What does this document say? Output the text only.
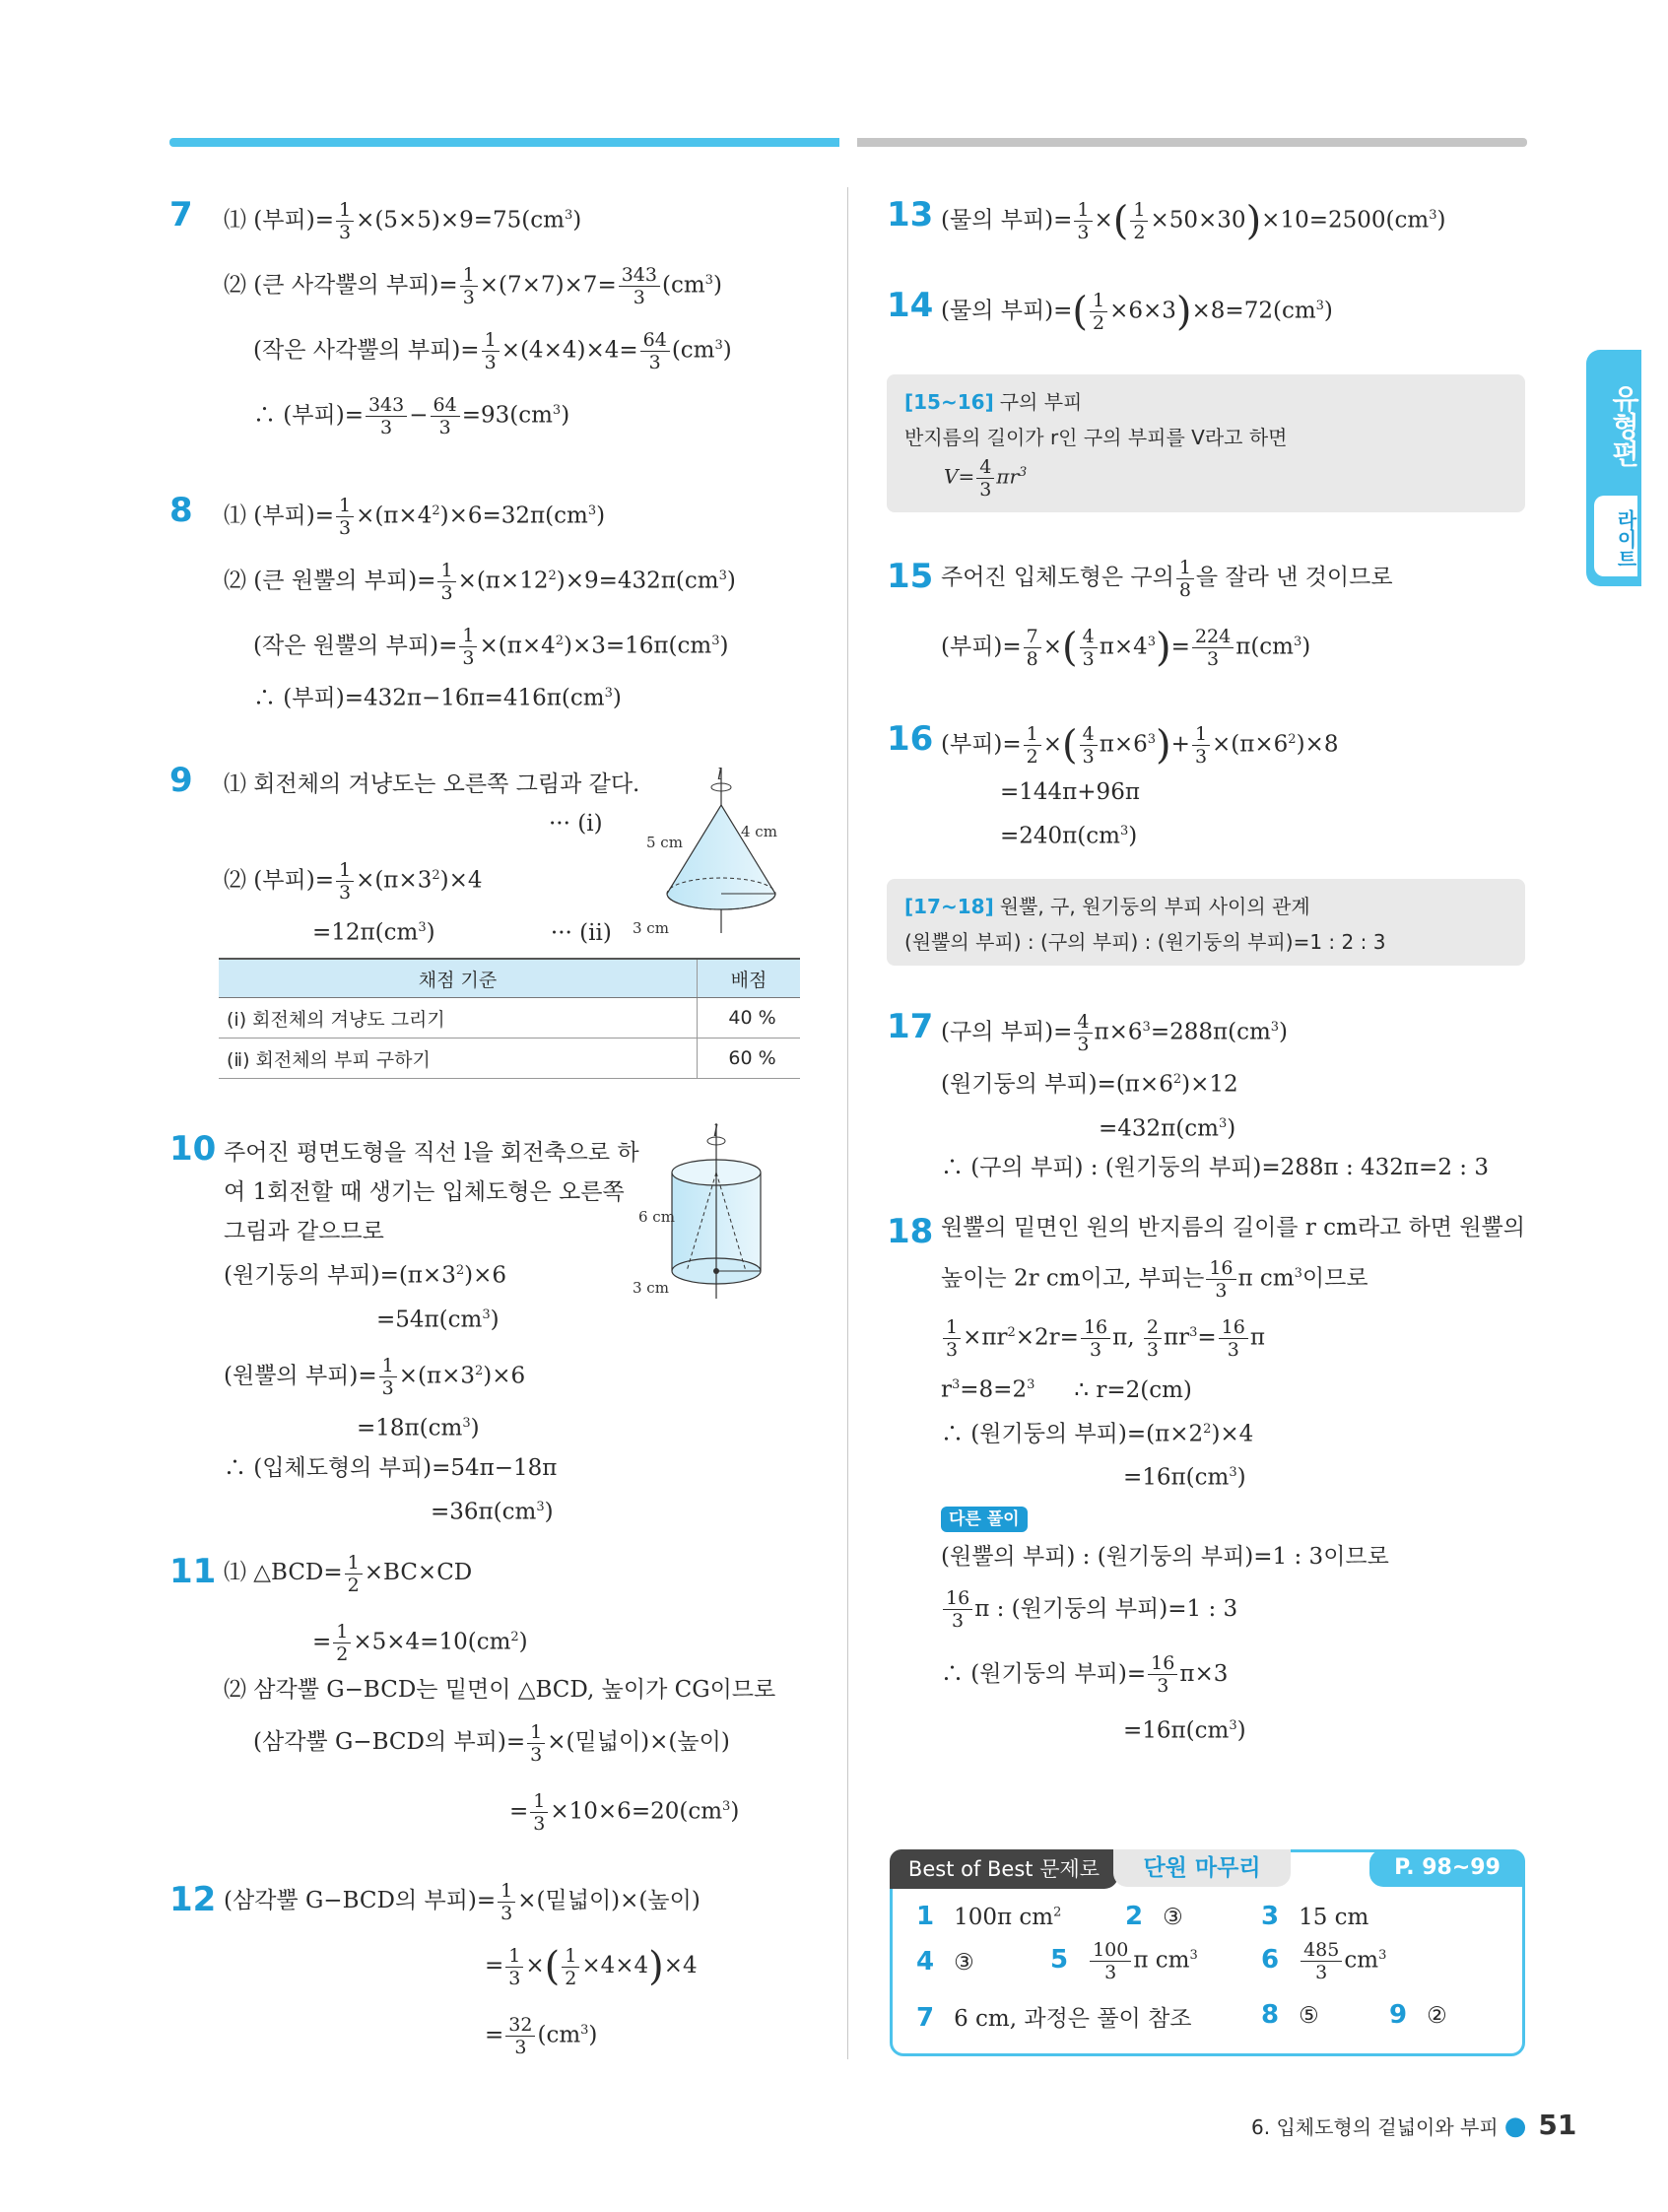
유형편
라이트
7 ⑴ (부피)= $\frac{1}{3} \times(5\times 5)\times 9=75(cm^3)$
⑵ (큰 사각뿔의 부피)= $\frac{1}{3} \times(7\times 7)\times 7= \frac{343}{3} (cm^3)$
(작은 사각뿔의 부피)= $\frac{1}{3} \times(4\times 4)\times 4= \frac{64}{3} (cm^3)$
∴ (부피)= $\frac{343}{3} - \frac{64}{3} =93(cm^3)$
8 ⑴ (부피)= $\frac{1}{3} \times(\pi\times 4^2)\times 6=32\pi(cm^3)$
⑵ (큰 원뿔의 부피)= $\frac{1}{3} \times(\pi\times 12^2)\times 9=432\pi(cm^3)$
(작은 원뿔의 부피)= $\frac{1}{3} \times(\pi\times 4^2)\times 3=16\pi(cm^3)$
∴ (부피)$=432\pi-16\pi=416\pi(cm^3)$
9 ⑴ 회전체의 겨냥도는 오른쪽 그림과 같다.
··· (ⅰ)
⑵ (부피)= $\frac{1}{3} \times(\pi\times 3^2)\times 4$
$=12\pi(cm^3)$	··· (ⅱ)
5 cm
4 cm
3 cm
l
채점 기준	배점
(ⅰ) 회전체의 겨냥도 그리기	40 %
(ⅱ) 회전체의 부피 구하기	60 %
10 주어진 평면도형을 직선 l을 회전축으로 하
여 1회전할 때 생기는 입체도형은 오른쪽
그림과 같으므로
(원기둥의 부피)$=(\pi\times 3^2)\times 6$
$=54\pi(cm^3)$
(원뿔의 부피)= $\frac{1}{3} \times(\pi\times 3^2)\times 6$
$=18\pi(cm^3)$
∴ (입체도형의 부피)=54π−18π
$=36\pi(cm^3)$
l
6 cm
3 cm
11 ⑴ △BCD= $\frac{1}{2} \times BC\times CD$
= $\frac{1}{2} \times 5\times 4=10(cm^2)$
⑵ 삼각뿔 G−BCD는 밑면이 △BCD, 높이가 CG이므로
(삼각뿔 G−BCD의 부피)= $\frac{1}{3}$ ×(밑넓이)×(높이)
= $\frac{1}{3} \times 10\times 6=20(cm^3)$
12 (삼각뿔 G−BCD의 부피)= $\frac{1}{3}$ ×(밑넓이)×(높이)
= $\frac{1}{3}$ ×( $\frac{1}{2} \times 4\times 4)\times 4$
= $\frac{32}{3} (cm^3)$
13 (물의 부피)= $\frac{1}{3}$ ×( $\frac{1}{2} \times 50\times 30)\times 10=2500(cm^3)$
14 (물의 부피)=( $\frac{1}{2} \times 6\times 3)\times 8=72(cm^3)$
[15~16] 구의 부피
반지름의 길이가 r인 구의 부피를 V라고 하면
$V= \frac{4}{3} \pi r^3$
15 주어진 입체도형은 구의 $\frac{1}{8}$ 을 잘라 낸 것이므로
(부피)= $\frac{7}{8}$ ×( $\frac{4}{3} \pi\times 4^3)= \frac{224}{3} \pi(cm^3)$
16 (부피)= $\frac{1}{2}$ ×( $\frac{4}{3} \pi\times 6^3)+ \frac{1}{3} \times(\pi\times 6^2)\times 8$
=144π+96π
$=240\pi(cm^3)$
[17~18] 원뿔, 구, 원기둥의 부피 사이의 관계
(원뿔의 부피) : (구의 부피) : (원기둥의 부피)=1 : 2 : 3
17 (구의 부피)= $\frac{4}{3} \pi\times 6^3=288\pi(cm^3)$
(원기둥의 부피)$=(\pi\times 6^2)\times 12$
$=432\pi(cm^3)$
∴ (구의 부피) : (원기둥의 부피)=288π : 432π=2 : 3
18 원뿔의 밑면인 원의 반지름의 길이를 r cm라고 하면 원뿔의
높이는 2r cm이고, 부피는 $\frac{16}{3}$ π $cm^3$이므로
$\frac{1}{3} \times\pi r^2\times 2r= \frac{16}{3} \pi$, $\frac{2}{3} \pi r^3= \frac{16}{3}$ π
$r^3=8=2^3$ ∴ r=2(cm)
∴ (원기둥의 부피)$=(\pi\times 2^2)\times 4$
$=16\pi(cm^3)$
다른 풀이
(원뿔의 부피) : (원기둥의 부피)=1 : 3이므로
$\frac{16}{3}$ π : (원기둥의 부피)=1 : 3
∴ (원기둥의 부피)= $\frac{16}{3} \pi\times 3$
$=16\pi(cm^3)$
Best of Best 문제로	단원 마무리	P. 98~99
1 100π $cm^2$ 2 ③	3 15 cm
4 ③	$5 \frac{100}{3}$ π $cm^3$ $6 \frac{485}{3} cm^3$
7 6 cm, 과정은 풀이 참조	8 ⑤	9 ②
6. 입체도형의 겉넓이와 부피 ● 51
